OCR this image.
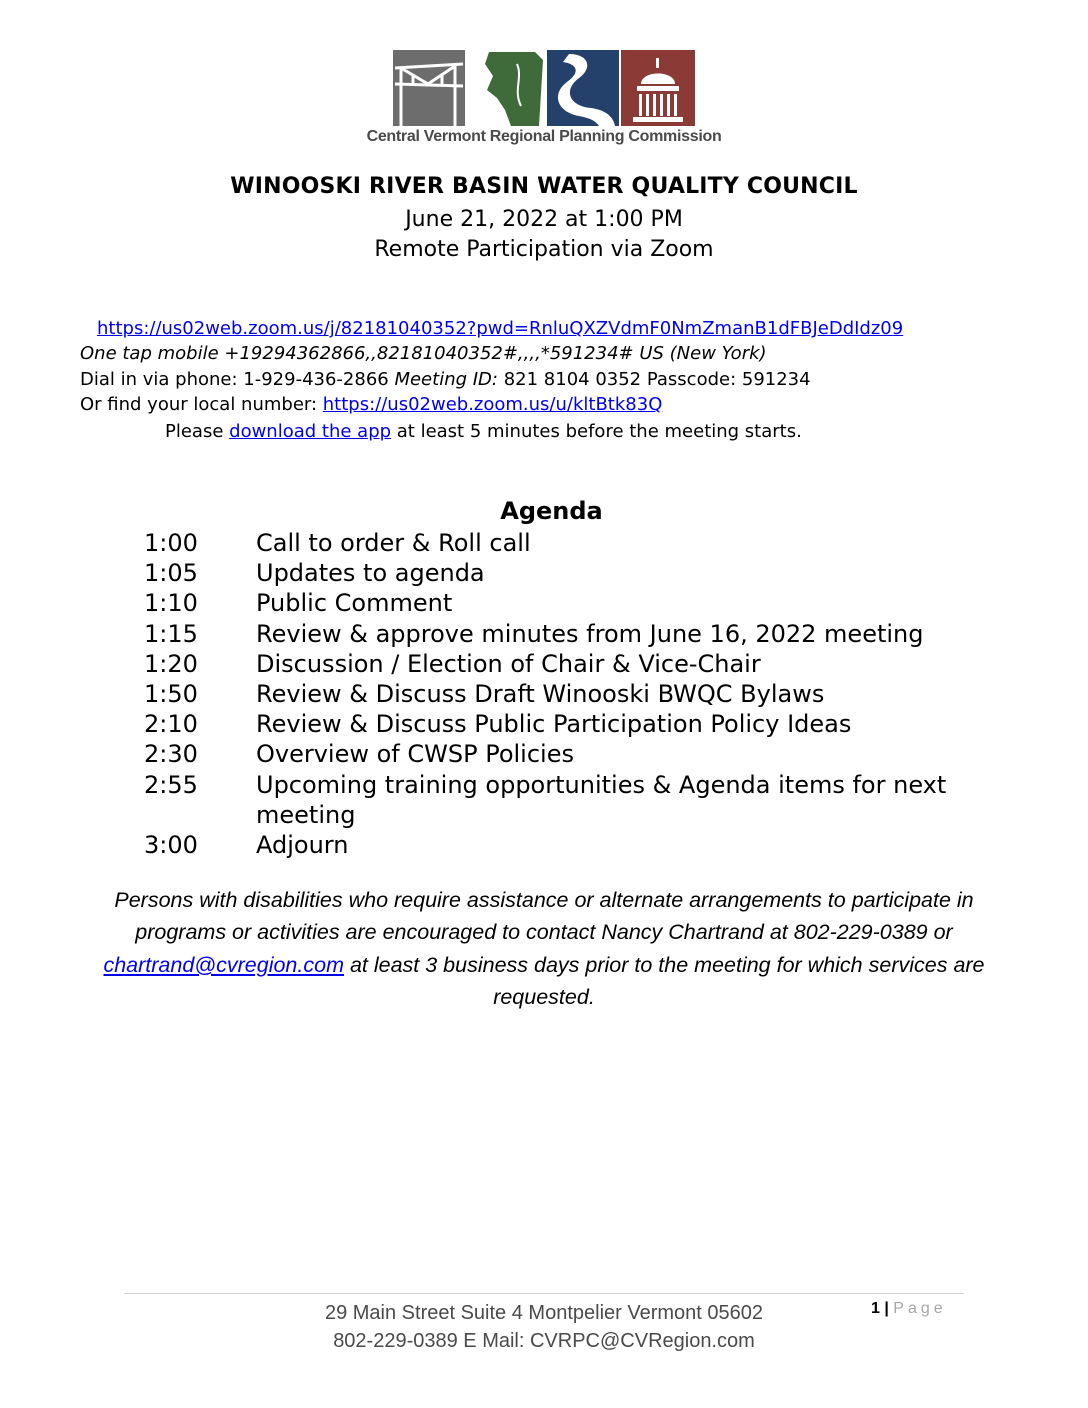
Central Vermont Regional Planning Commission
WINOOSKI RIVER BASIN WATER QUALITY COUNCIL
June 21, 2022 at 1:00 PM
Remote Participation via Zoom
https://us02web.zoom.us/j/82181040352?pwd=RnluQXZVdmF0NmZmanB1dFBJeDdIdz09
One tap mobile +19294362866,,82181040352#,,,,*591234# US (New York)
Dial in via phone: 1-929-436-2866 Meeting ID: 821 8104 0352 Passcode: 591234
Or find your local number: https://us02web.zoom.us/u/kltBtk83Q
Please download the app at least 5 minutes before the meeting starts.
Agenda
1:00	Call to order & Roll call
1:05	Updates to agenda
1:10	Public Comment
1:15	Review & approve minutes from June 16, 2022 meeting
1:20	Discussion / Election of Chair & Vice-Chair
1:50	Review & Discuss Draft Winooski BWQC Bylaws
2:10	Review & Discuss Public Participation Policy Ideas
2:30	Overview of CWSP Policies
2:55	Upcoming training opportunities & Agenda items for next meeting
3:00	Adjourn
Persons with disabilities who require assistance or alternate arrangements to participate in programs or activities are encouraged to contact Nancy Chartrand at 802-229-0389 or chartrand@cvregion.com at least 3 business days prior to the meeting for which services are requested.
29 Main Street Suite 4 Montpelier Vermont 05602
802-229-0389 E Mail: CVRPC@CVRegion.com
1 | Page
